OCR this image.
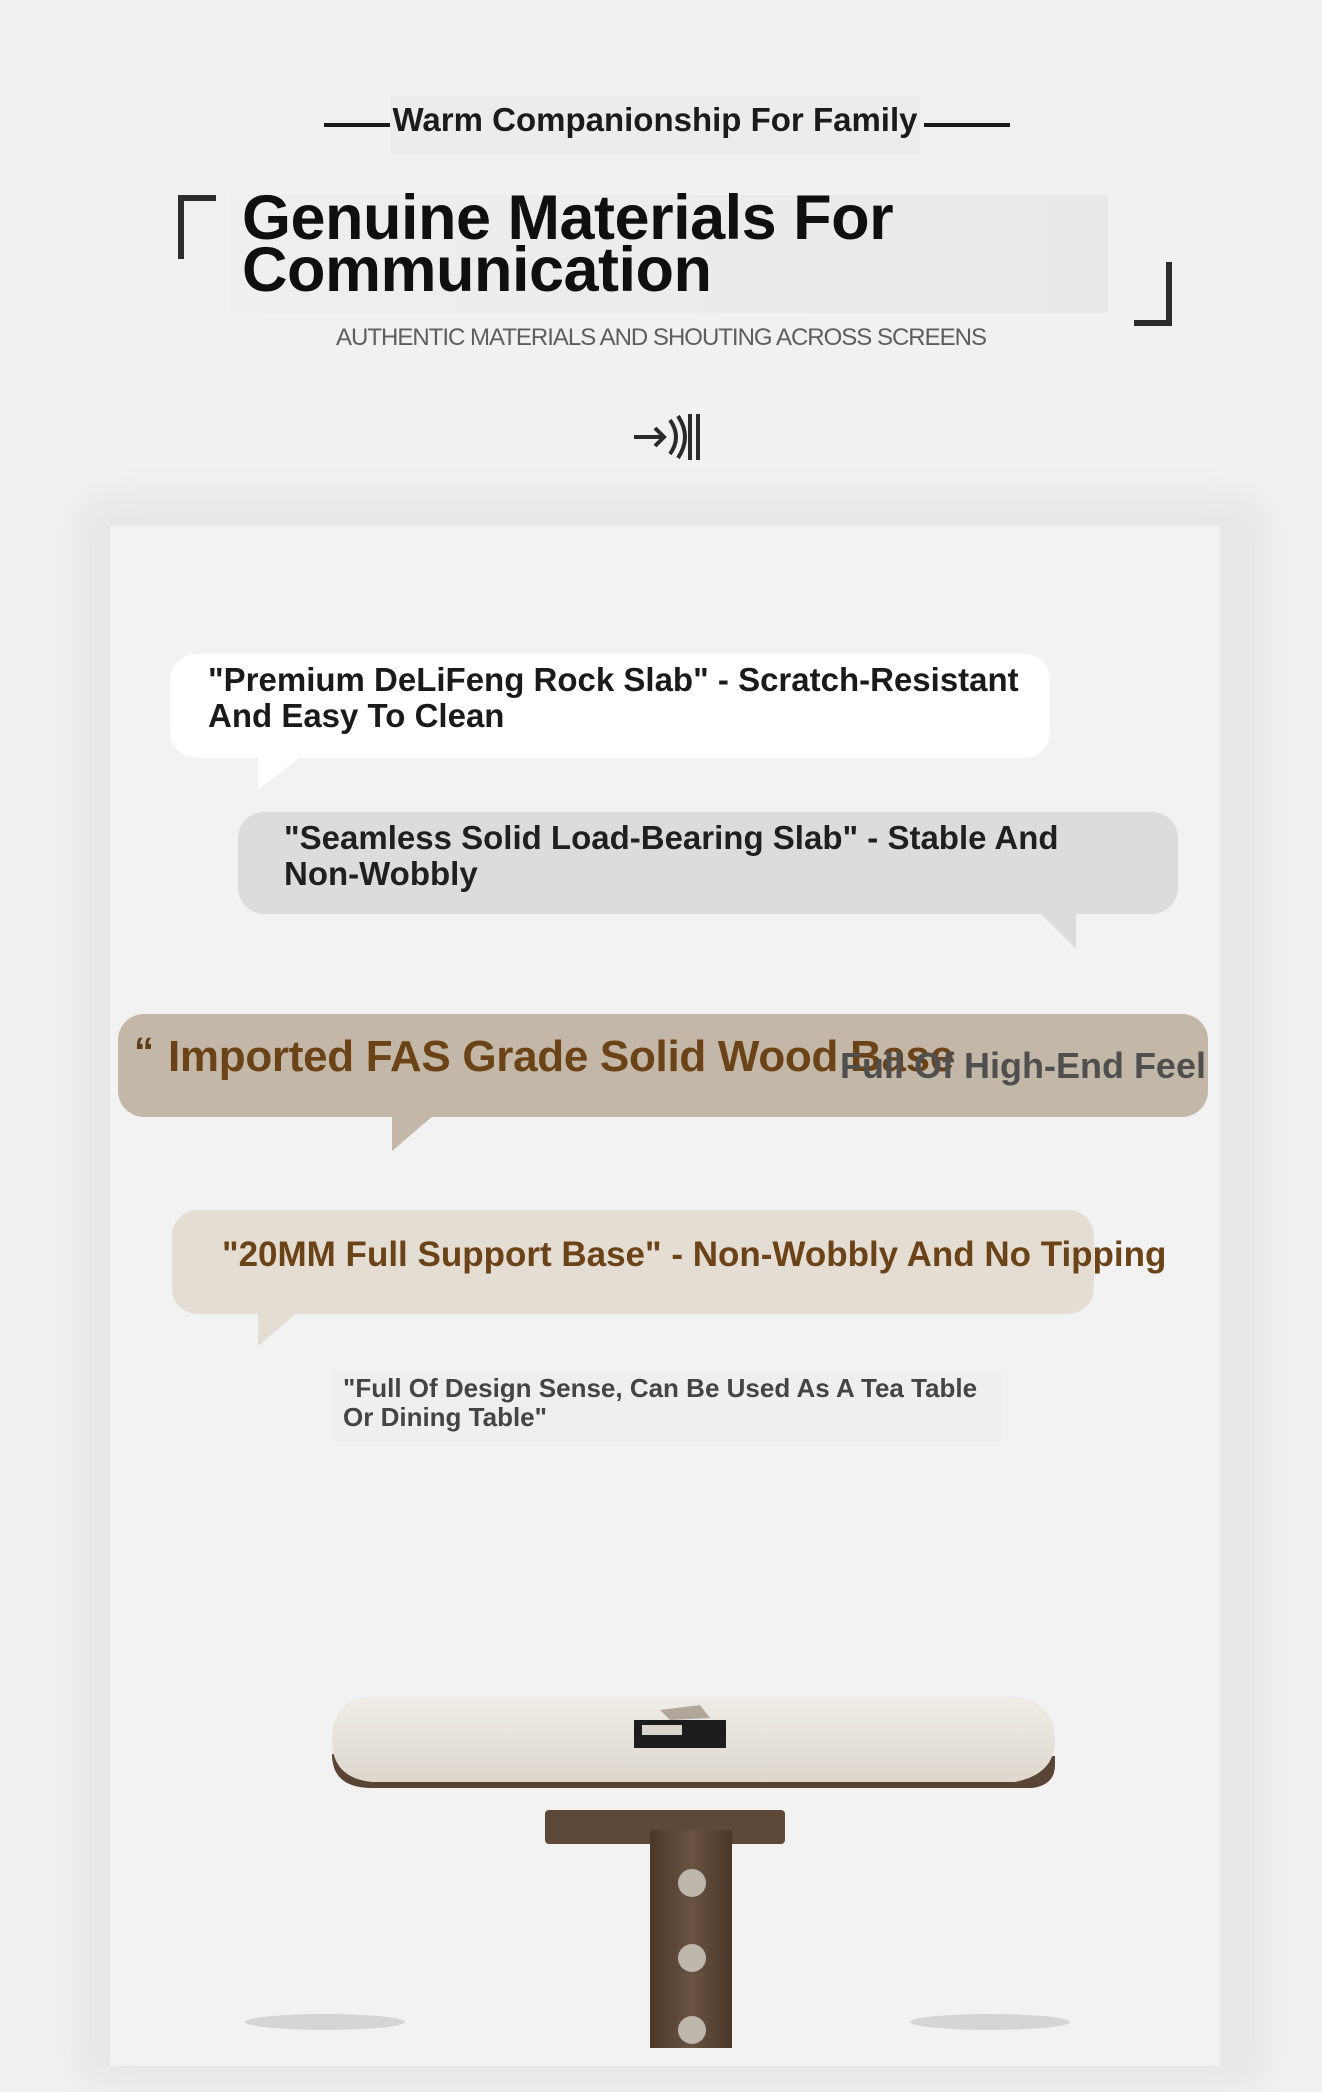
Warm Companionship For Family
Genuine Materials For Communication
AUTHENTIC MATERIALS AND SHOUTING ACROSS SCREENS
"Premium DeLiFeng Rock Slab" - Scratch-Resistant And Easy To Clean
"Seamless Solid Load-Bearing Slab" - Stable And Non-Wobbly
“ Imported FAS Grade Solid Wood Base
Full Of High-End Feel
"20MM Full Support Base" - Non-Wobbly And No Tipping
"Full Of Design Sense, Can Be Used As A Tea Table Or Dining Table"
